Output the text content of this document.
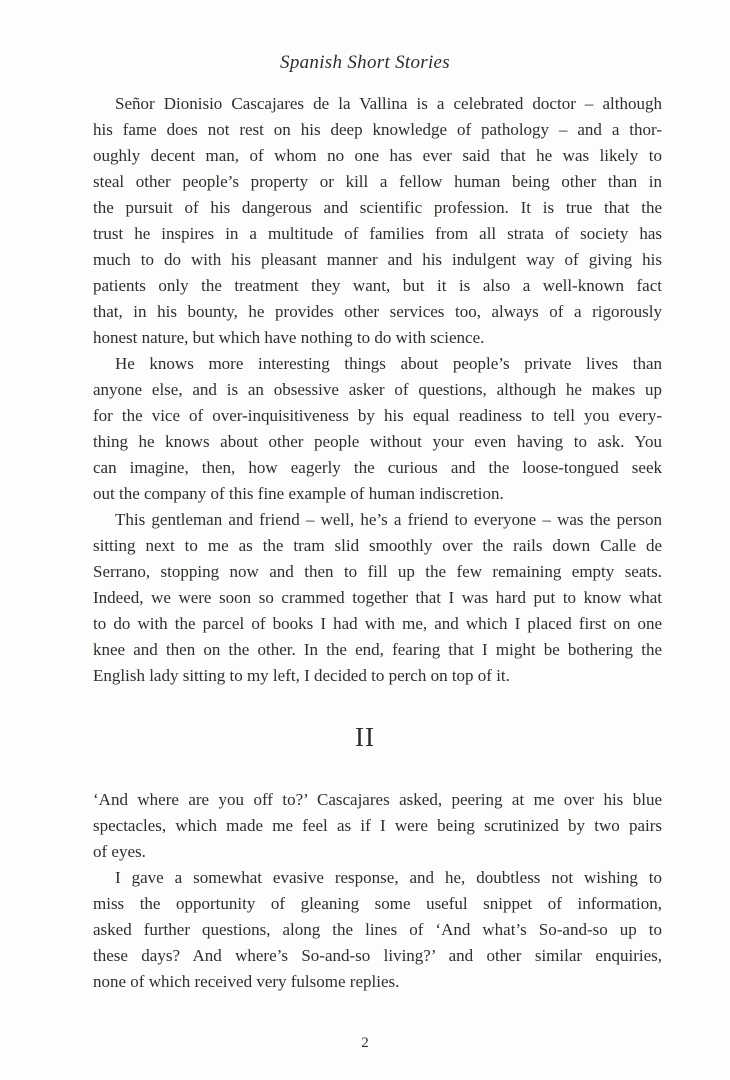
Spanish Short Stories
Señor Dionisio Cascajares de la Vallina is a celebrated doctor – although
his fame does not rest on his deep knowledge of pathology – and a thor-
oughly decent man, of whom no one has ever said that he was likely to
steal other people’s property or kill a fellow human being other than in
the pursuit of his dangerous and scientific profession. It is true that the
trust he inspires in a multitude of families from all strata of society has
much to do with his pleasant manner and his indulgent way of giving his
patients only the treatment they want, but it is also a well-known fact
that, in his bounty, he provides other services too, always of a rigorously
honest nature, but which have nothing to do with science.
He knows more interesting things about people’s private lives than
anyone else, and is an obsessive asker of questions, although he makes up
for the vice of over-inquisitiveness by his equal readiness to tell you every-
thing he knows about other people without your even having to ask. You
can imagine, then, how eagerly the curious and the loose-tongued seek
out the company of this fine example of human indiscretion.
This gentleman and friend – well, he’s a friend to everyone – was the person
sitting next to me as the tram slid smoothly over the rails down Calle de
Serrano, stopping now and then to fill up the few remaining empty seats.
Indeed, we were soon so crammed together that I was hard put to know what
to do with the parcel of books I had with me, and which I placed first on one
knee and then on the other. In the end, fearing that I might be bothering the
English lady sitting to my left, I decided to perch on top of it.
II
‘And where are you off to?’ Cascajares asked, peering at me over his blue
spectacles, which made me feel as if I were being scrutinized by two pairs
of eyes.
I gave a somewhat evasive response, and he, doubtless not wishing to
miss the opportunity of gleaning some useful snippet of information,
asked further questions, along the lines of ‘And what’s So-and-so up to
these days? And where’s So-and-so living?’ and other similar enquiries,
none of which received very fulsome replies.
2
